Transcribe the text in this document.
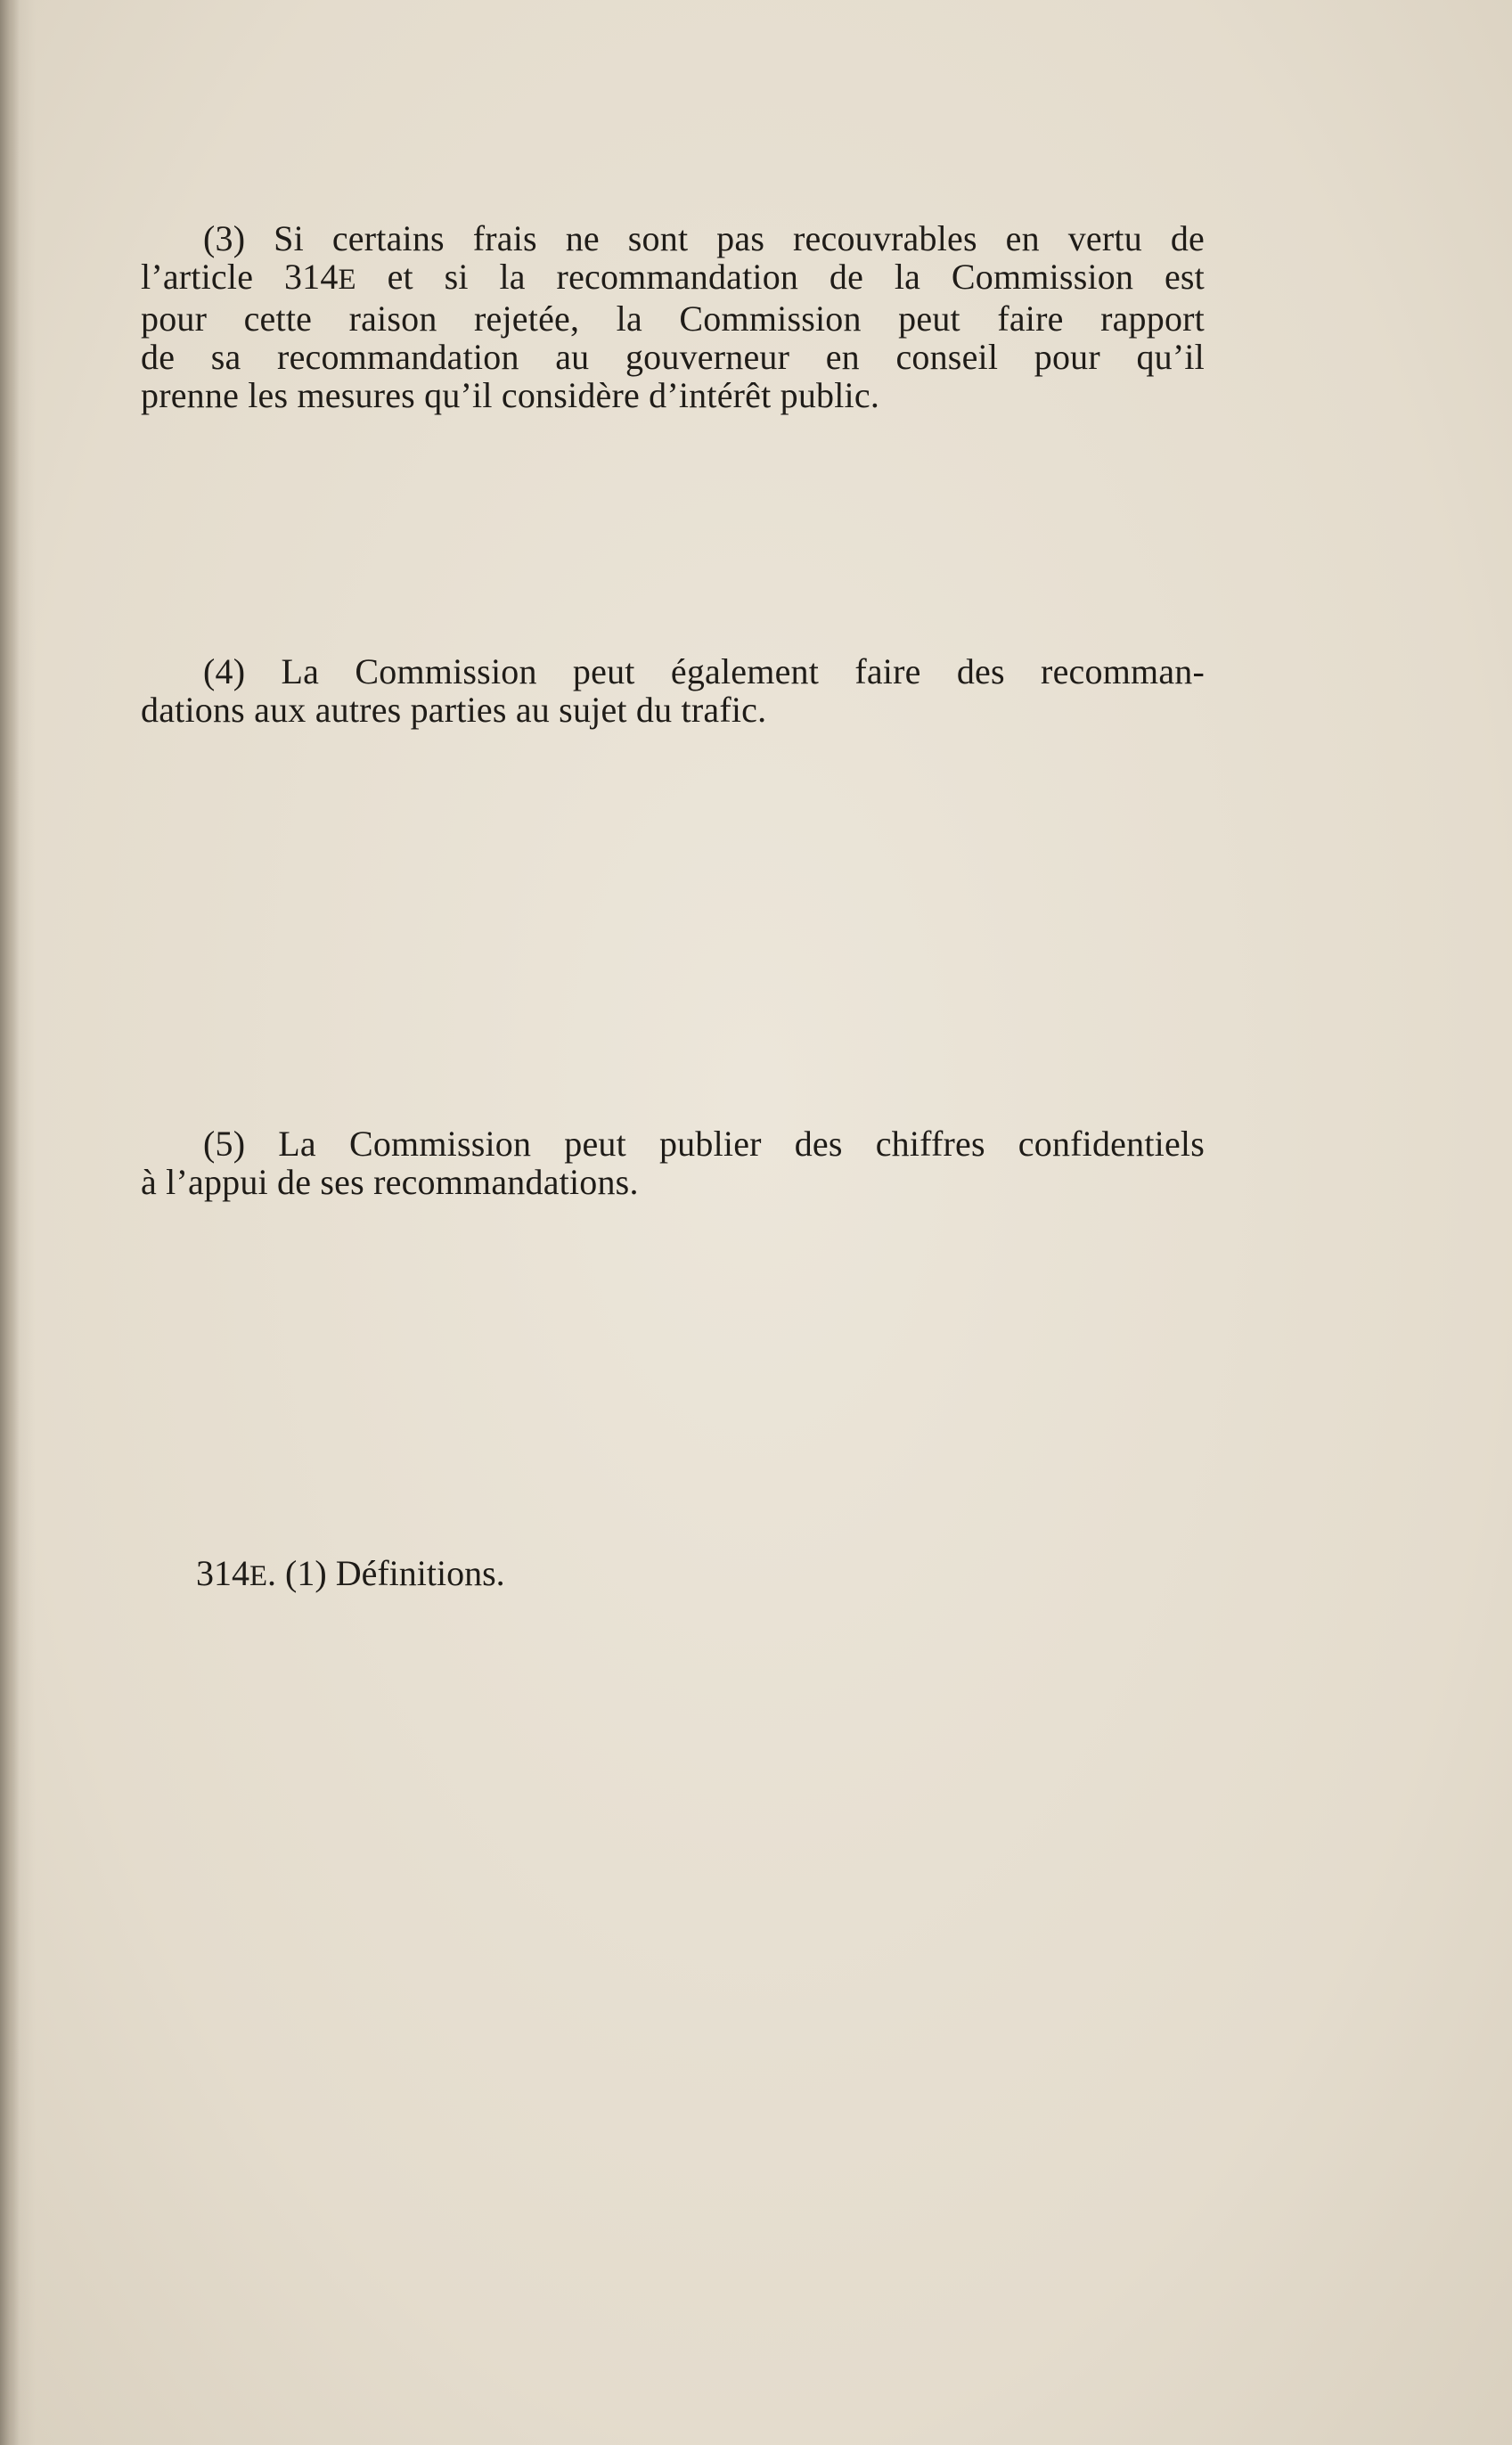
(3) Si certains frais ne sont pas recouvrables en vertu de
l’article 314E et si la recommandation de la Commission est
pour cette raison rejetée, la Commission peut faire rapport
de sa recommandation au gouverneur en conseil pour qu’il
prenne les mesures qu’il considère d’intérêt public.

(4) La Commission peut également faire des recomman-
dations aux autres parties au sujet du trafic.

(5) La Commission peut publier des chiffres confidentiels
à l’appui de ses recommandations.

314E. (1) Définitions.
